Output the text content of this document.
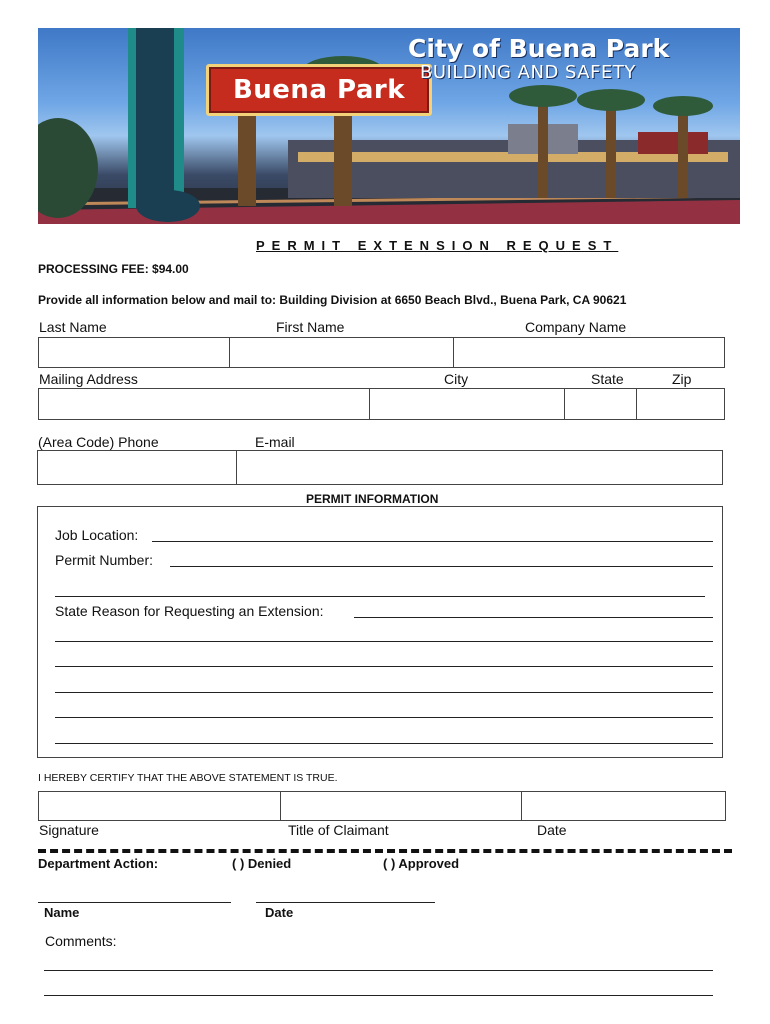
Buena Park
City of Buena Park
BUILDING AND SAFETY
PERMIT EXTENSION REQUEST
PROCESSING FEE: $94.00
Provide all information below and mail to: Building Division at 6650 Beach Blvd., Buena Park, CA 90621
Last Name	First Name	Company Name
Mailing Address	City	State	Zip
(Area Code) Phone	E-mail
PERMIT INFORMATION
Job Location:
Permit Number:
State Reason for Requesting an Extension:
I HEREBY CERTIFY THAT THE ABOVE STATEMENT IS TRUE.
Signature	Title of Claimant	Date
Department Action:	( ) Denied	( ) Approved
Name	Date
Comments:
